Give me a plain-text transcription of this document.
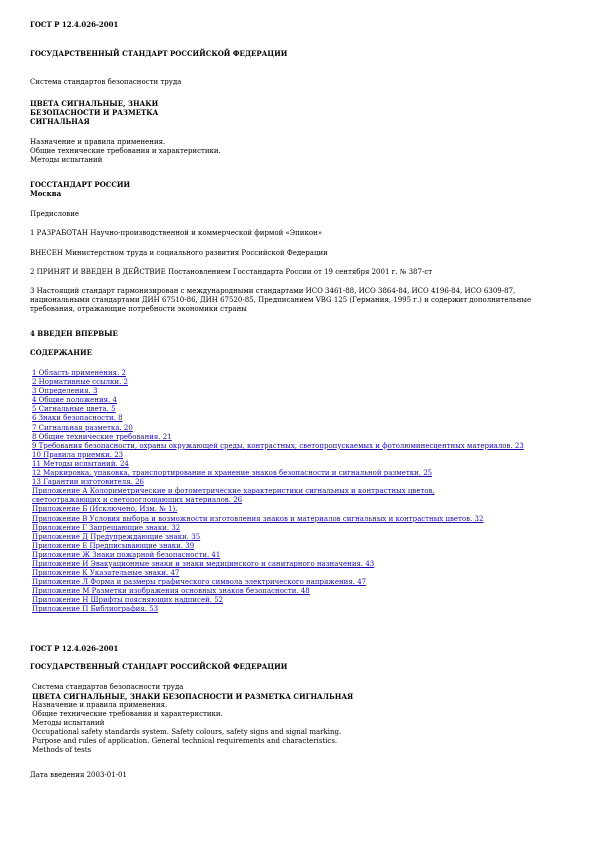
ГОСТ Р 12.4.026-2001
ГОСУДАРСТВЕННЫЙ СТАНДАРТ РОССИЙСКОЙ ФЕДЕРАЦИИ
Система стандартов безопасности труда
ЦВЕТА СИГНАЛЬНЫЕ, ЗНАКИ
БЕЗОПАСНОСТИ И РАЗМЕТКА
СИГНАЛЬНАЯ
Назначение и правила применения.
Общие технические требования и характеристики.
Методы испытаний
ГОССТАНДАРТ РОССИИ
Москва
Предисловие
1 РАЗРАБОТАН Научно-производственной и коммерческой фирмой «Эпикон»
ВНЕСЕН Министерством труда и социального развития Российской Федерации
2 ПРИНЯТ И ВВЕДЕН В ДЕЙСТВИЕ Постановлением Госстандарта России от 19 сентября 2001 г. № 387-ст
3 Настоящий стандарт гармонизирован с международными стандартами ИСО 3461-88, ИСО 3864-84, ИСО 4196-84, ИСО 6309-87,
национальными стандартами ДИН 67510-86, ДИН 67520-85, Предписанием VBG 125 (Германия, 1995 г.) и содержит дополнительные
требования, отражающие потребности экономики страны
4 ВВЕДЕН ВПЕРВЫЕ
СОДЕРЖАНИЕ
1 Область применения. 2
2 Нормативные ссылки. 2
3 Определения. 3
4 Общие положения. 4
5 Сигнальные цвета. 5
6 Знаки безопасности. 8
7 Сигнальная разметка. 20
8 Общие технические требования. 21
9 Требования безопасности, охраны окружающей среды, контрастных, светопропускаемых и фотолюминесцентных материалов. 23
10 Правила приемки. 23
11 Методы испытаний. 24
12 Маркировка, упаковка, транспортирование и хранение знаков безопасности и сигнальной разметки. 25
13 Гарантии изготовителя. 26
Приложение А Колориметрические и фотометрические характеристики сигнальных и контрастных цветов, светоотражающих и светопоглощающих материалов. 26
Приложение Б (Исключено, Изм. № 1).
Приложение В Условия выбора и возможности изготовления знаков и материалов сигнальных и контрастных цветов. 32
Приложение Г Запрещающие знаки. 32
Приложение Д Предупреждающие знаки. 35
Приложение Е Предписывающие знаки. 39
Приложение Ж Знаки пожарной безопасности. 41
Приложение И Эвакуационные знаки и знаки медицинского и санитарного назначения. 43
Приложение К Указательные знаки. 47
Приложение Л Форма и размеры графического символа электрического напряжения. 47
Приложение М Разметки изображения основных знаков безопасности. 48
Приложение Н Шрифты поясняющих надписей. 52
Приложение П Библиография. 53
ГОСТ Р 12.4.026-2001
ГОСУДАРСТВЕННЫЙ СТАНДАРТ РОССИЙСКОЙ ФЕДЕРАЦИИ
Система стандартов безопасности труда
ЦВЕТА СИГНАЛЬНЫЕ, ЗНАКИ БЕЗОПАСНОСТИ И РАЗМЕТКА СИГНАЛЬНАЯ
Назначение и правила применения.
Общие технические требования и характеристики.
Методы испытаний
Occupational safety standards system. Safety colours, safety signs and signal marking.
Purpose and rules of application. General technical requirements and characteristics.
Methods of tests
Дата введения 2003-01-01
